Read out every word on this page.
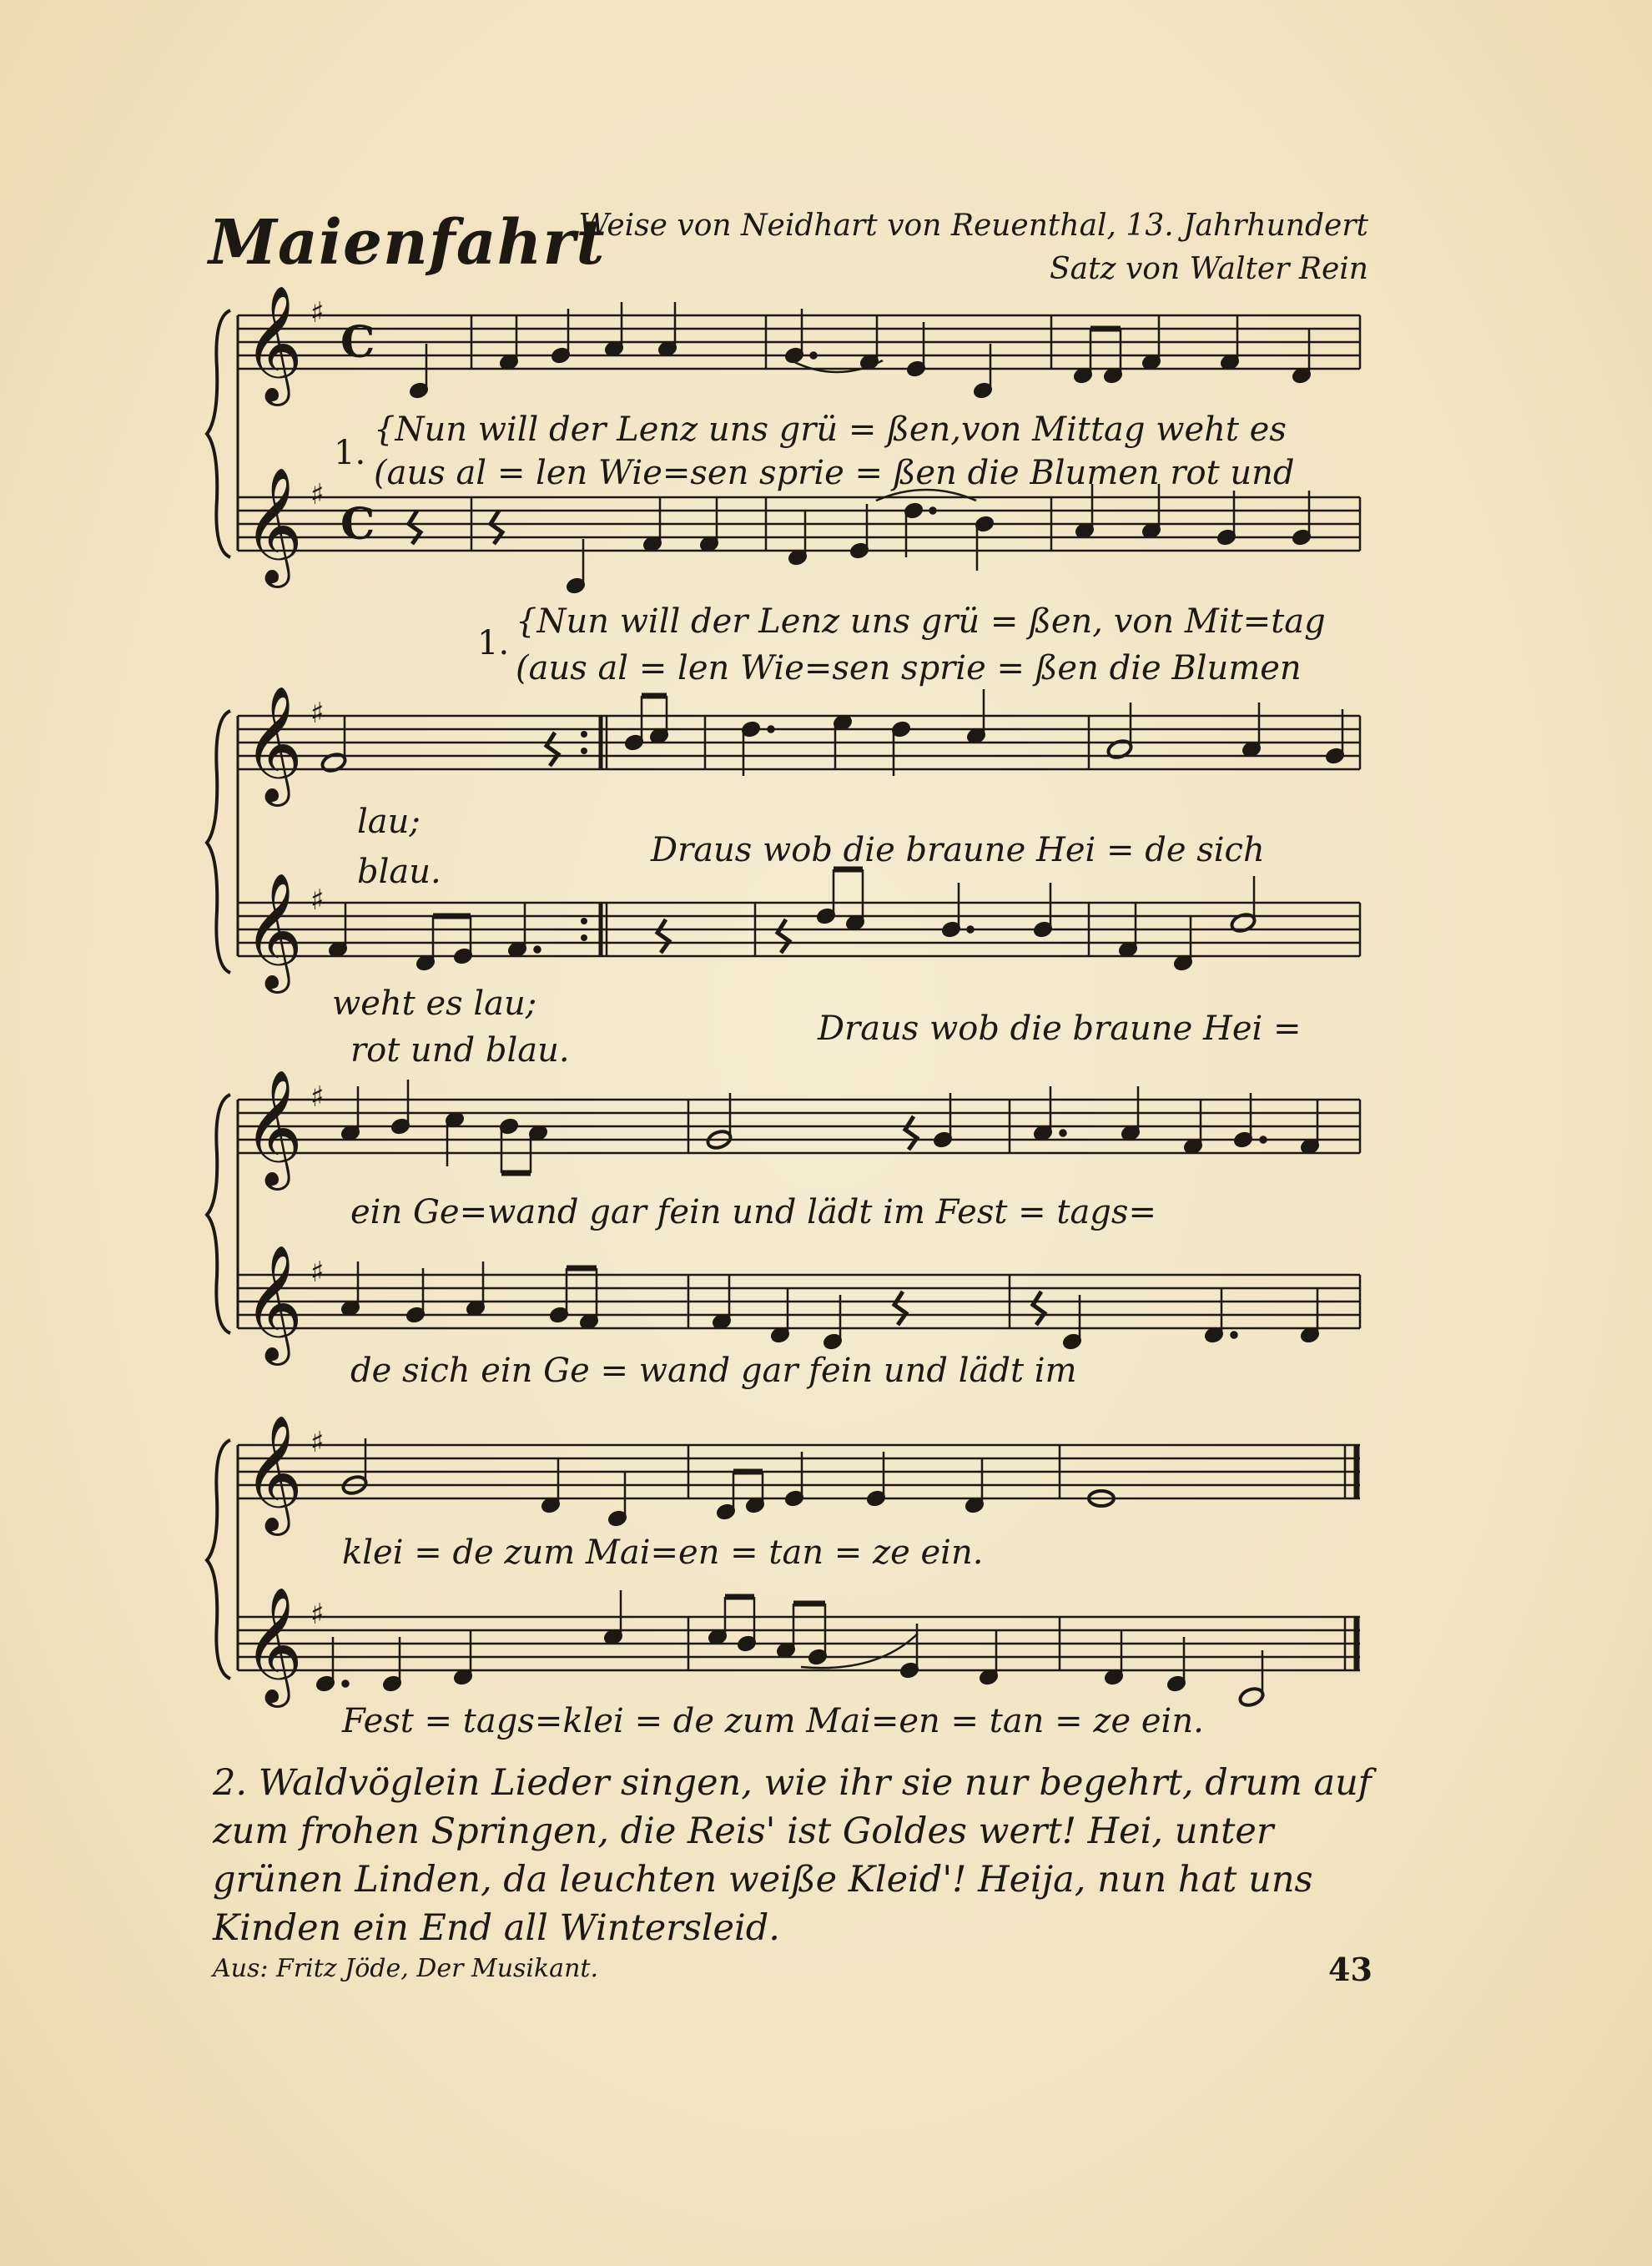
Maienfahrt
Weise von Neidhart von Reuenthal, 13. Jahrhundert
Satz von Walter Rein
𝄞
𝄞
𝄞
𝄞
𝄞
𝄞
𝄞
𝄞
♯
♯
♯
♯
♯
♯
♯
♯
C
C
1.
{Nun will der Lenz uns grü = ßen,von Mittag weht es
(aus al = len Wie=sen sprie = ßen die Blumen rot und
1.
{Nun will der Lenz uns grü = ßen, von Mit=tag
(aus al = len Wie=sen sprie = ßen die Blumen
lau;
blau.
Draus wob die braune Hei = de sich
weht es lau;
rot und blau.
Draus wob die braune Hei =
ein Ge=wand gar fein und lädt im Fest = tags=
de sich ein Ge = wand gar fein und lädt im
klei = de zum Mai=en = tan = ze ein.
Fest = tags=klei = de zum Mai=en = tan = ze ein.
2. Waldvöglein Lieder singen, wie ihr sie nur begehrt, drum auf zum frohen Springen, die Reis' ist Goldes wert! Hei, unter grünen Linden, da leuchten weiße Kleid'! Heija, nun hat uns Kinden ein End all Wintersleid.
Aus: Fritz Jöde, Der Musikant.	43
